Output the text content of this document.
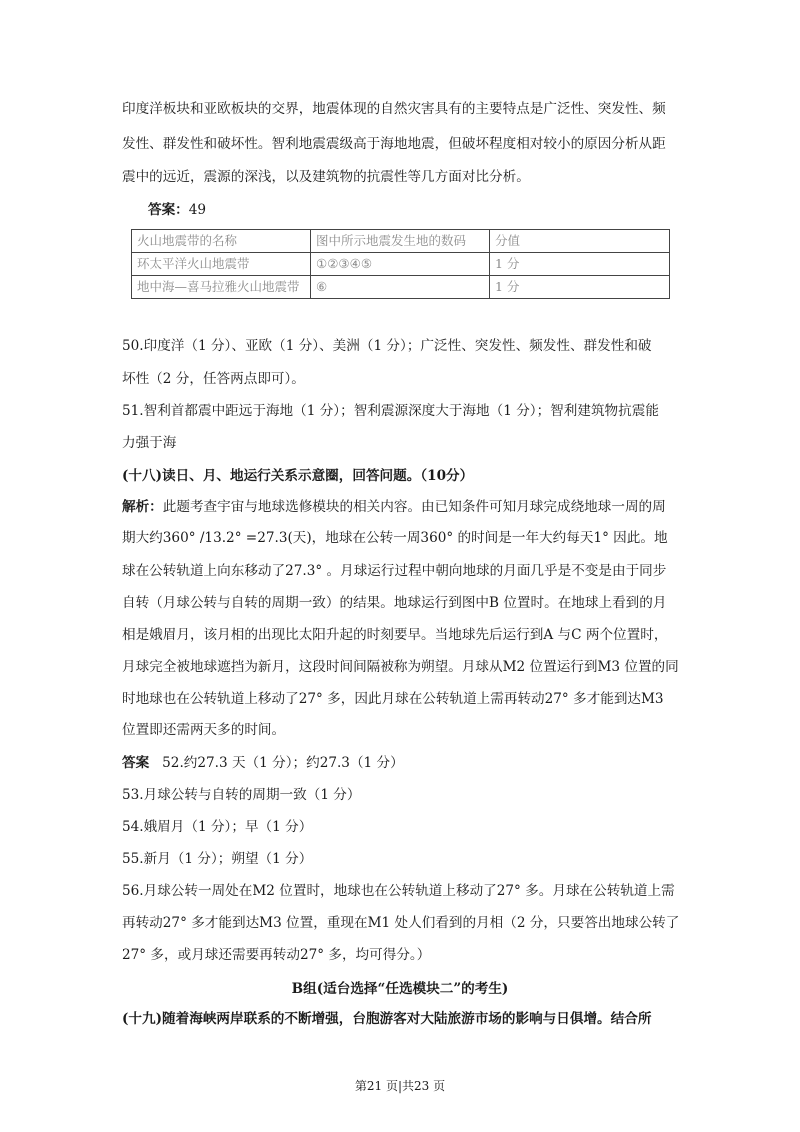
印度洋板块和亚欧板块的交界，地震体现的自然灾害具有的主要特点是广泛性、突发性、频
发性、群发性和破坏性。智利地震震级高于海地地震，但破坏程度相对较小的原因分析从距
震中的远近，震源的深浅，以及建筑物的抗震性等几方面对比分析。
答案：49
火山地震带的名称	图中所示地震发生地的数码	分值
环太平洋火山地震带	①②③④⑤	1 分
地中海—喜马拉雅火山地震带	⑥	1 分
50.印度洋（1 分）、亚欧（1 分）、美洲（1 分）；广泛性、突发性、频发性、群发性和破
坏性（2 分，任答两点即可）。
51.智利首都震中距远于海地（1 分）；智利震源深度大于海地（1 分）；智利建筑物抗震能
力强于海
(十八)读日、月、地运行关系示意圈，回答问题。（10分）
解析：此题考查宇宙与地球选修模块的相关内容。由已知条件可知月球完成绕地球一周的周
期大约360° /13.2° =27.3(天)，地球在公转一周360° 的时间是一年大约每天1° 因此。地
球在公转轨道上向东移动了27.3° 。月球运行过程中朝向地球的月面几乎是不变是由于同步
自转（月球公转与自转的周期一致）的结果。地球运行到图中B 位置时。在地球上看到的月
相是娥眉月，该月相的出现比太阳升起的时刻要早。当地球先后运行到A 与C 两个位置时，
月球完全被地球遮挡为新月，这段时间间隔被称为朔望。月球从M2 位置运行到M3 位置的同
时地球也在公转轨道上移动了27° 多，因此月球在公转轨道上需再转动27° 多才能到达M3
位置即还需两天多的时间。
答案 52.约27.3 天（1 分）；约27.3（1 分）
53.月球公转与自转的周期一致（1 分）
54.娥眉月（1 分）；早（1 分）
55.新月（1 分）；朔望（1 分）
56.月球公转一周处在M2 位置时，地球也在公转轨道上移动了27° 多。月球在公转轨道上需
再转动27° 多才能到达M3 位置，重现在M1 处人们看到的月相（2 分，只要答出地球公转了
27° 多，或月球还需要再转动27° 多，均可得分。）
B组(适台选择“任选模块二”的考生)
(十九)随着海峡两岸联系的不断增强，台胞游客对大陆旅游市场的影响与日俱增。结合所
第21 页|共23 页
